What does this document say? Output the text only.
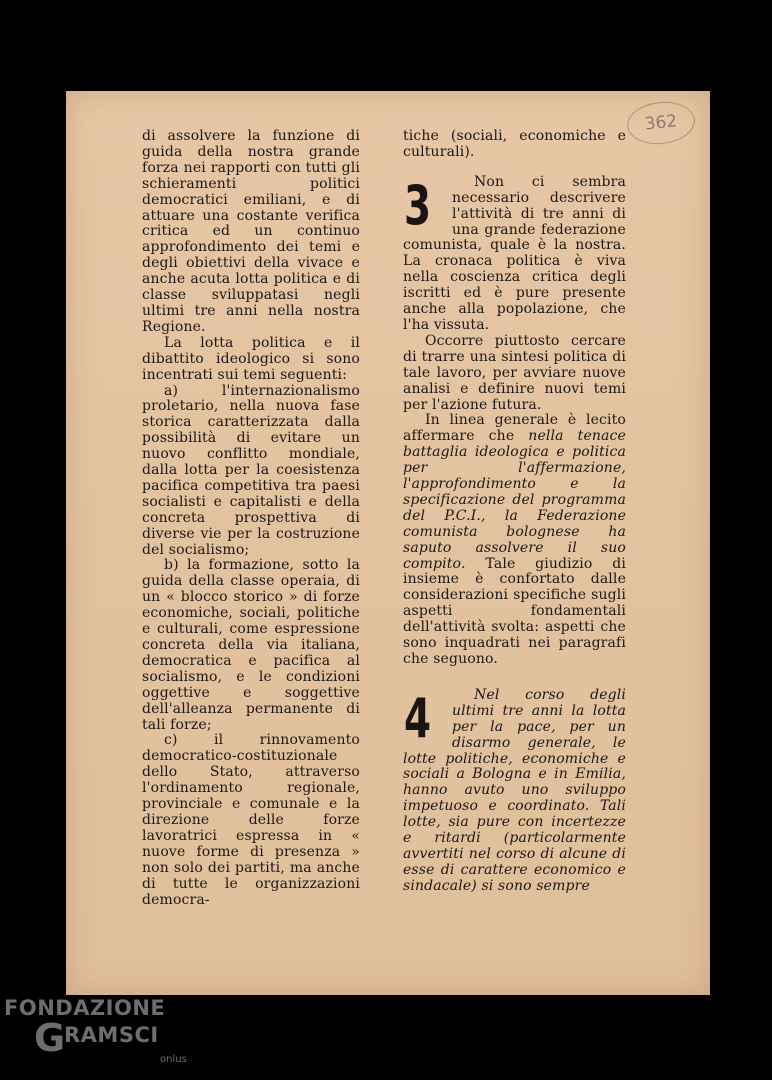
362

di assolvere la funzione di guida della nostra grande forza nei rapporti con tutti gli schieramenti politici democratici emiliani, e di attuare una costante verifica critica ed un continuo approfondimento dei temi e degli obiettivi della vivace e anche acuta lotta politica e di classe sviluppatasi negli ultimi tre anni nella nostra Regione.

La lotta politica e il dibattito ideologico si sono incentrati sui temi seguenti:

a) l'internazionalismo proletario, nella nuova fase storica caratterizzata dalla possibilità di evitare un nuovo conflitto mondiale, dalla lotta per la coesistenza pacifica competitiva tra paesi socialisti e capitalisti e della concreta prospettiva di diverse vie per la costruzione del socialismo;

b) la formazione, sotto la guida della classe operaia, di un « blocco storico » di forze economiche, sociali, politiche e culturali, come espressione concreta della via italiana, democratica e pacifica al socialismo, e le condizioni oggettive e soggettive dell'alleanza permanente di tali forze;

c) il rinnovamento democratico-costituzionale dello Stato, attraverso l'ordinamento regionale, provinciale e comunale e la direzione delle forze lavoratrici espressa in « nuove forme di presenza » non solo dei partiti, ma anche di tutte le organizzazioni democra-

tiche (sociali, economiche e culturali).

3	Non ci sembra necessario descrivere l'attività di tre anni di una grande federazione comunista, quale è la nostra. La cronaca politica è viva nella coscienza critica degli iscritti ed è pure presente anche alla popolazione, che l'ha vissuta.

Occorre piuttosto cercare di trarre una sintesi politica di tale lavoro, per avviare nuove analisi e definire nuovi temi per l'azione futura.

In linea generale è lecito affermare che nella tenace battaglia ideologica e politica per l'affermazione, l'approfondimento e la specificazione del programma del P.C.I., la Federazione comunista bolognese ha saputo assolvere il suo compito. Tale giudizio di insieme è confortato dalle considerazioni specifiche sugli aspetti fondamentali dell'attività svolta: aspetti che sono inquadrati nei paragrafi che seguono.

4	Nel corso degli ultimi tre anni la lotta per la pace, per un disarmo generale, le lotte politiche, economiche e sociali a Bologna e in Emilia, hanno avuto uno sviluppo impetuoso e coordinato. Tali lotte, sia pure con incertezze e ritardi (particolarmente avvertiti nel corso di alcune di esse di carattere economico e sindacale) si sono sempre

FONDAZIONE
G
RAMSCI
onlus
